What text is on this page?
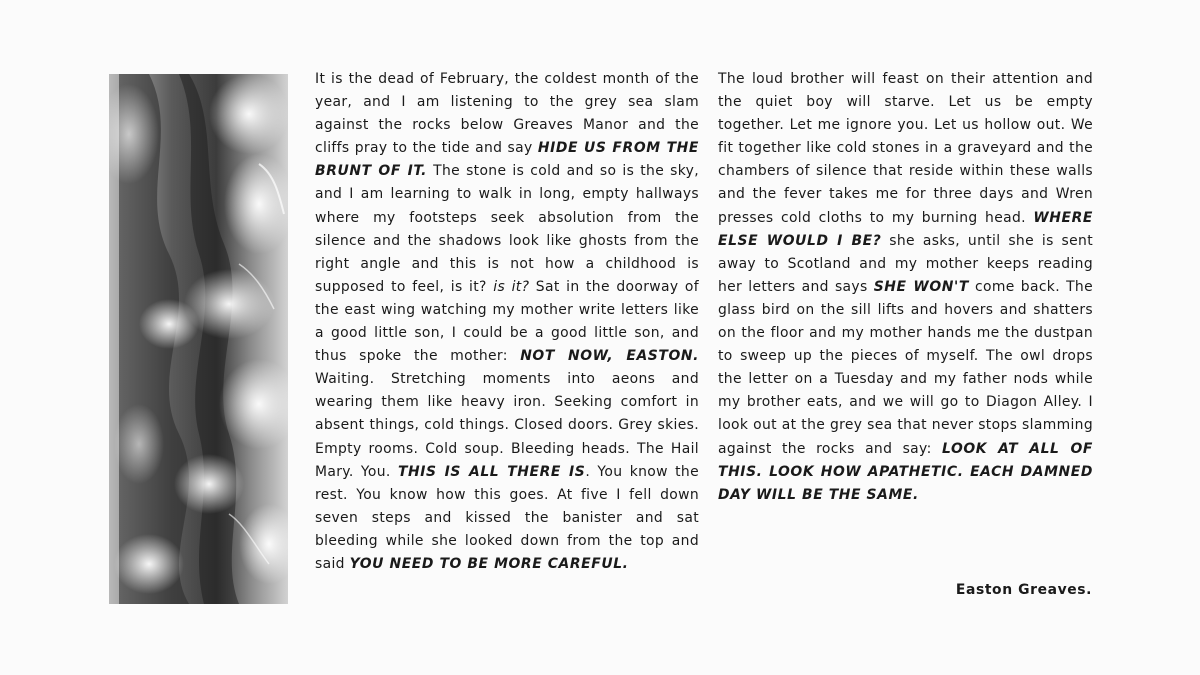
It is the dead of February, the coldest month of the year, and I am listening to the grey sea slam against the rocks below Greaves Manor and the cliffs pray to the tide and say HIDE US FROM THE BRUNT OF IT. The stone is cold and so is the sky, and I am learning to walk in long, empty hallways where my footsteps seek absolution from the silence and the shadows look like ghosts from the right angle and this is not how a childhood is supposed to feel, is it? is it? Sat in the doorway of the east wing watching my mother write letters like a good little son, I could be a good little son, and thus spoke the mother: NOT NOW, EASTON. Waiting. Stretching moments into aeons and wearing them like heavy iron. Seeking comfort in absent things, cold things. Closed doors. Grey skies. Empty rooms. Cold soup. Bleeding heads. The Hail Mary. You. THIS IS ALL THERE IS. You know the rest. You know how this goes. At five I fell down seven steps and kissed the banister and sat bleeding while she looked down from the top and said YOU NEED TO BE MORE CAREFUL.

The loud brother will feast on their attention and the quiet boy will starve. Let us be empty together. Let me ignore you. Let us hollow out. We fit together like cold stones in a graveyard and the chambers of silence that reside within these walls and the fever takes me for three days and Wren presses cold cloths to my burning head. WHERE ELSE WOULD I BE? she asks, until she is sent away to Scotland and my mother keeps reading her letters and says SHE WON'T come back. The glass bird on the sill lifts and hovers and shatters on the floor and my mother hands me the dustpan to sweep up the pieces of myself. The owl drops the letter on a Tuesday and my father nods while my brother eats, and we will go to Diagon Alley. I look out at the grey sea that never stops slamming against the rocks and say: LOOK AT ALL OF THIS. LOOK HOW APATHETIC. EACH DAMNED DAY WILL BE THE SAME.

Easton Greaves.
